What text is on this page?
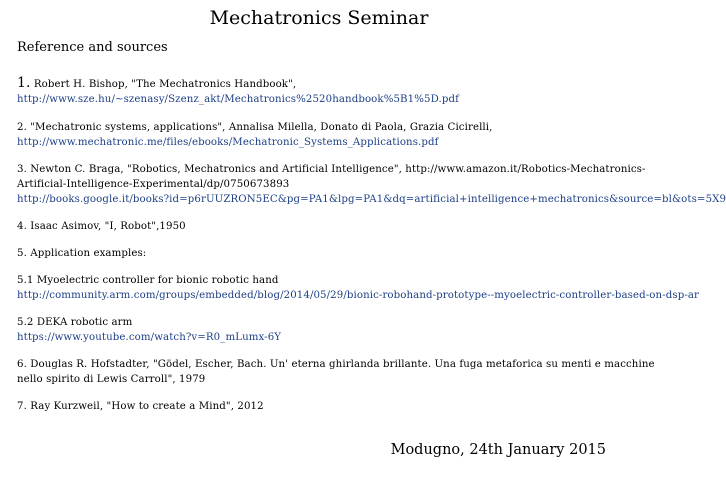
Mechatronics Seminar
Reference and sources
1. Robert H. Bishop, "The Mechatronics Handbook",
http://www.sze.hu/~szenasy/Szenz_akt/Mechatronics%2520handbook%5B1%5D.pdf
2. "Mechatronic systems, applications", Annalisa Milella, Donato di Paola, Grazia Cicirelli,
http://www.mechatronic.me/files/ebooks/Mechatronic_Systems_Applications.pdf
3. Newton C. Braga, "Robotics, Mechatronics and Artificial Intelligence", http://www.amazon.it/Robotics-Mechatronics-
Artificial-Intelligence-Experimental/dp/0750673893
http://books.google.it/books?id=p6rUUZRON5EC&pg=PA1&lpg=PA1&dq=artificial+intelligence+mechatronics&source=bl&ots=5X9
4. Isaac Asimov, "I, Robot",1950
5. Application examples:
5.1 Myoelectric controller for bionic robotic hand
http://community.arm.com/groups/embedded/blog/2014/05/29/bionic-robohand-prototype--myoelectric-controller-based-on-dsp-ar
5.2 DEKA robotic arm
https://www.youtube.com/watch?v=R0_mLumx-6Y
6. Douglas R. Hofstadter, "Gödel, Escher, Bach. Un' eterna ghirlanda brillante. Una fuga metaforica su menti e macchine
nello spirito di Lewis Carroll", 1979
7. Ray Kurzweil, "How to create a Mind", 2012
Modugno, 24th January 2015
